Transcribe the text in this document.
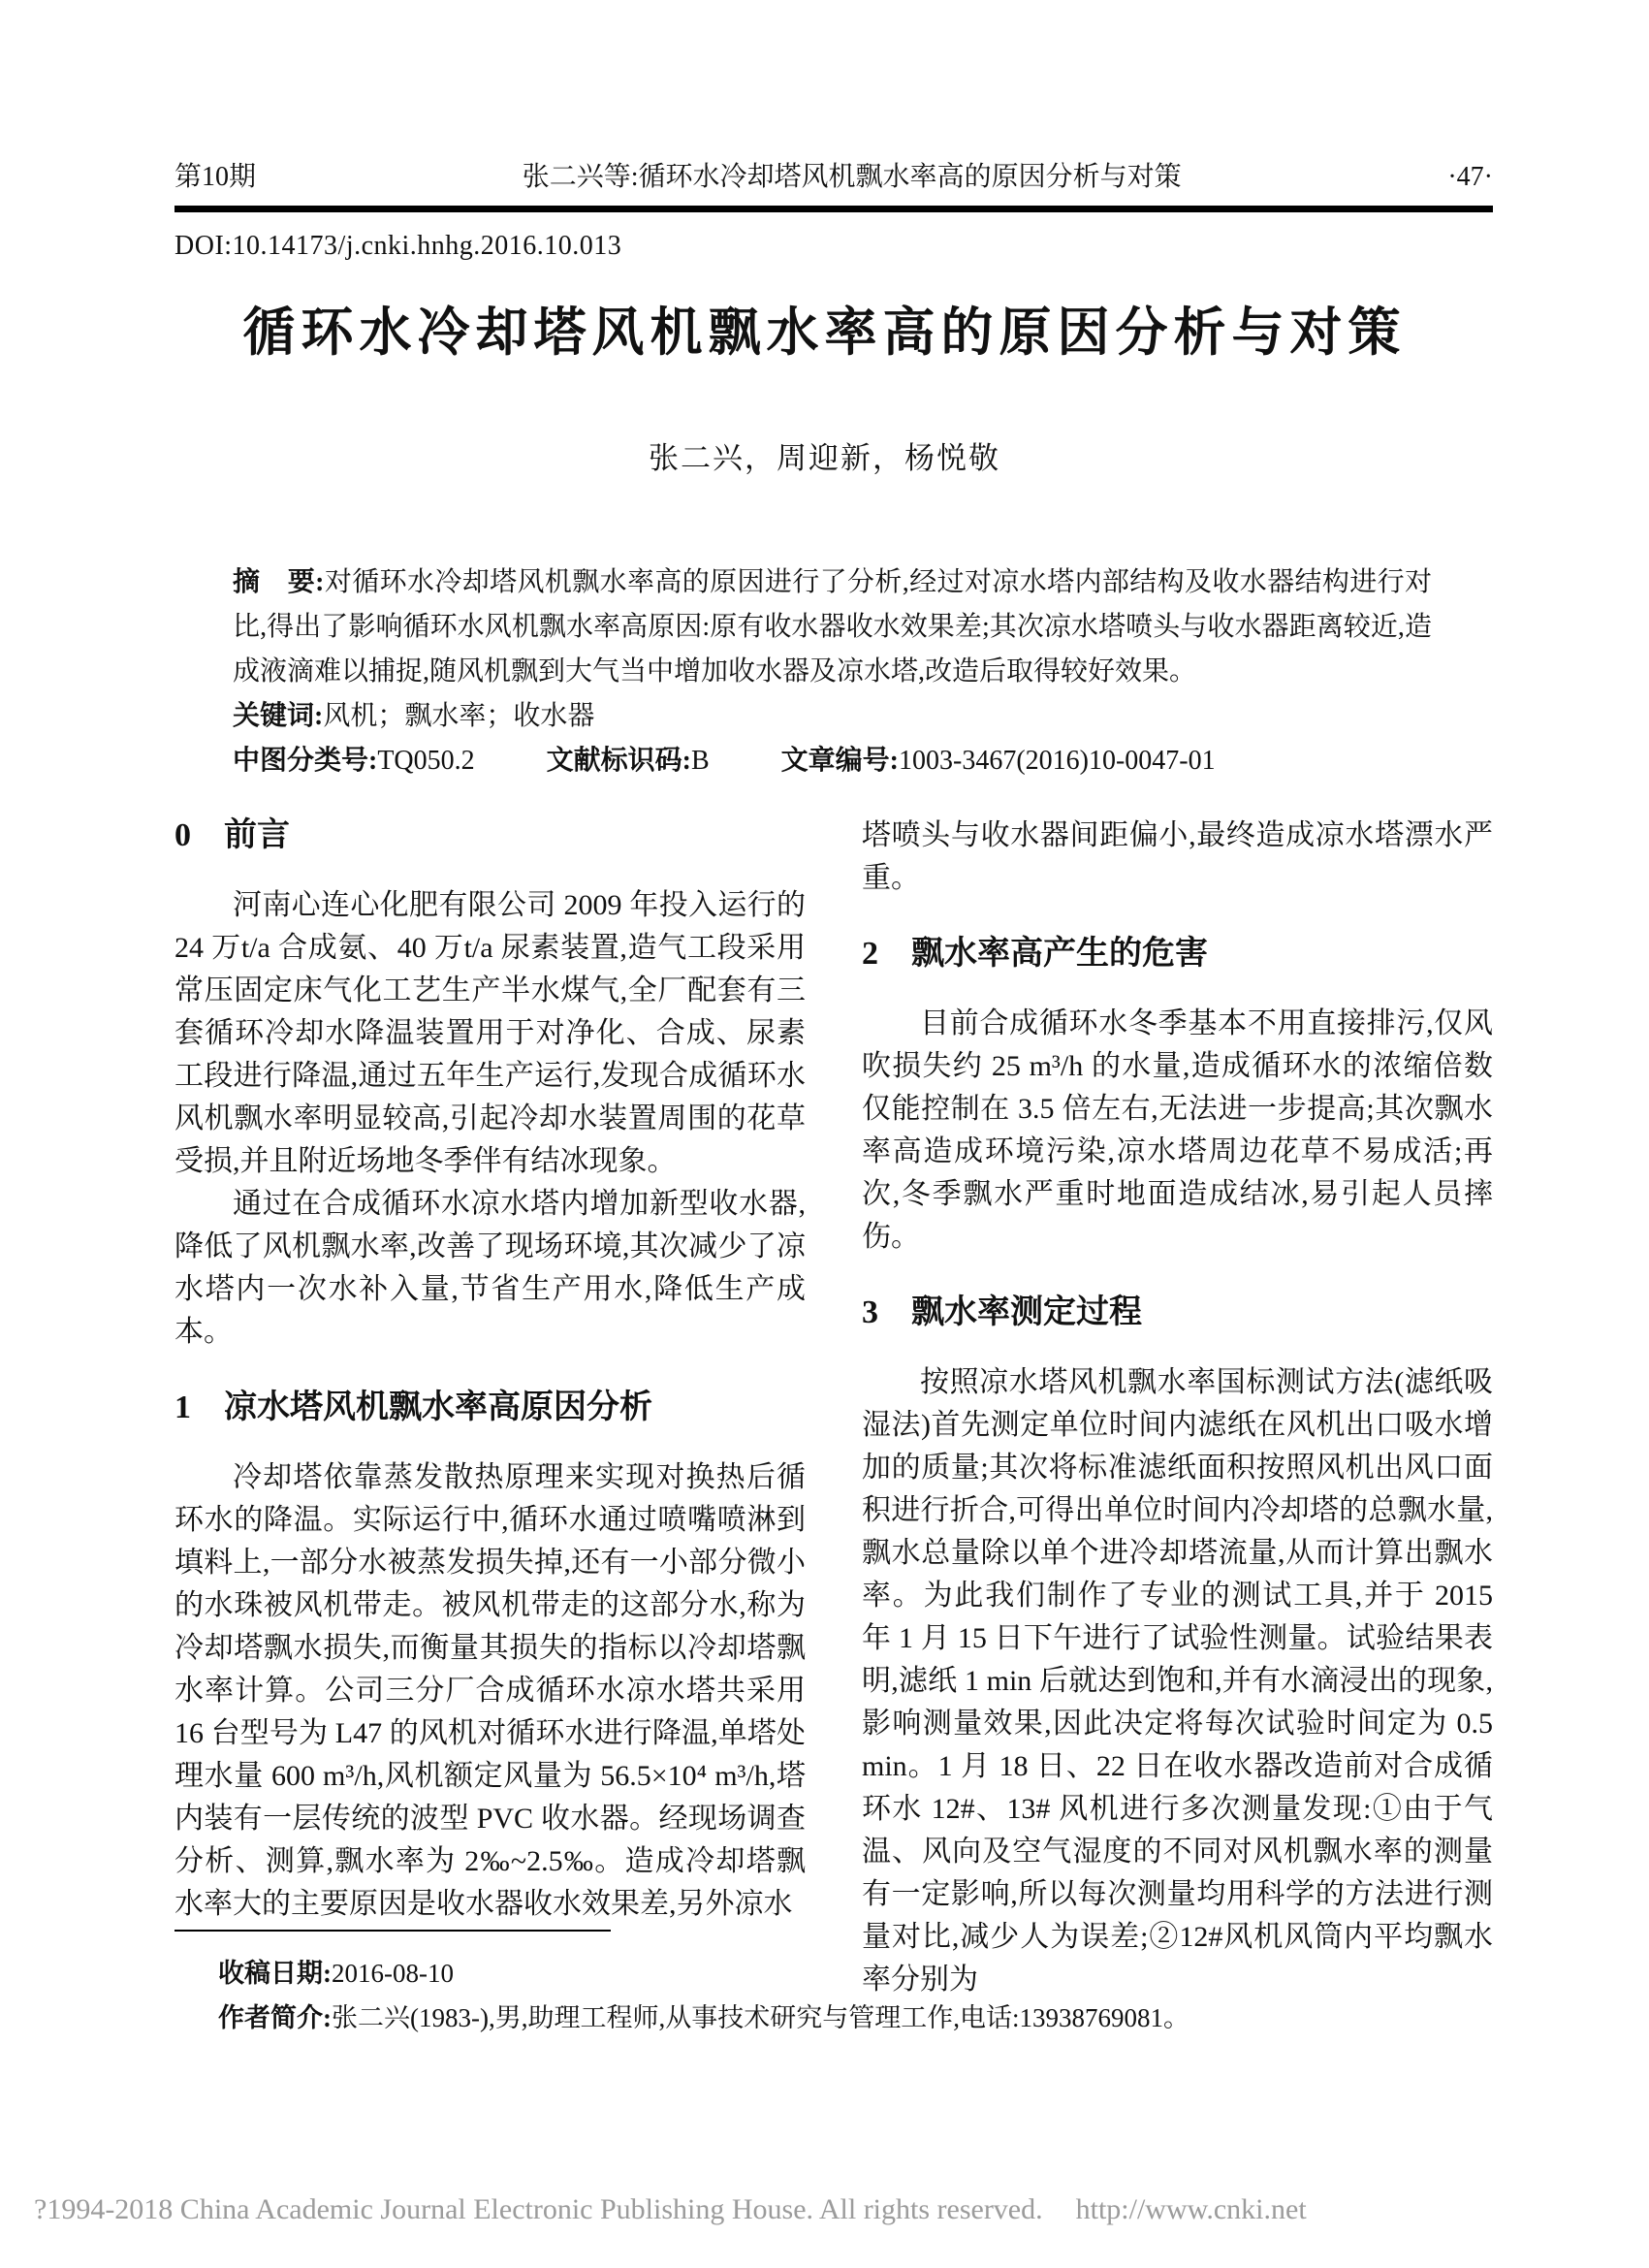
第10期	张二兴等:循环水冷却塔风机飘水率高的原因分析与对策	·47·
DOI:10.14173/j.cnki.hnhg.2016.10.013
循环水冷却塔风机飘水率高的原因分析与对策
张二兴，周迎新，杨悦敬

摘　要:对循环水冷却塔风机飘水率高的原因进行了分析,经过对凉水塔内部结构及收水器结构进行对比,得出了影响循环水风机飘水率高原因:原有收水器收水效果差;其次凉水塔喷头与收水器距离较近,造成液滴难以捕捉,随风机飘到大气当中增加收水器及凉水塔,改造后取得较好效果。

关键词:风机；飘水率；收水器

中图分类号:TQ050.2	文献标识码:B	文章编号:1003-3467(2016)10-0047-01

0 前言

河南心连心化肥有限公司 2009 年投入运行的 24 万t/a 合成氨、40 万t/a 尿素装置,造气工段采用常压固定床气化工艺生产半水煤气,全厂配套有三套循环冷却水降温装置用于对净化、合成、尿素工段进行降温,通过五年生产运行,发现合成循环水风机飘水率明显较高,引起冷却水装置周围的花草受损,并且附近场地冬季伴有结冰现象。

通过在合成循环水凉水塔内增加新型收水器,降低了风机飘水率,改善了现场环境,其次减少了凉水塔内一次水补入量,节省生产用水,降低生产成本。

1 凉水塔风机飘水率高原因分析

冷却塔依靠蒸发散热原理来实现对换热后循环水的降温。实际运行中,循环水通过喷嘴喷淋到填料上,一部分水被蒸发损失掉,还有一小部分微小的水珠被风机带走。被风机带走的这部分水,称为冷却塔飘水损失,而衡量其损失的指标以冷却塔飘水率计算。公司三分厂合成循环水凉水塔共采用 16 台型号为 L47 的风机对循环水进行降温,单塔处理水量 600 m³/h,风机额定风量为 56.5×10⁴ m³/h,塔内装有一层传统的波型 PVC 收水器。经现场调查分析、测算,飘水率为 2‰~2.5‰。造成冷却塔飘水率大的主要原因是收水器收水效果差,另外凉水

塔喷头与收水器间距偏小,最终造成凉水塔漂水严重。

2 飘水率高产生的危害

目前合成循环水冬季基本不用直接排污,仅风吹损失约 25 m³/h 的水量,造成循环水的浓缩倍数仅能控制在 3.5 倍左右,无法进一步提高;其次飘水率高造成环境污染,凉水塔周边花草不易成活;再次,冬季飘水严重时地面造成结冰,易引起人员摔伤。

3 飘水率测定过程

按照凉水塔风机飘水率国标测试方法(滤纸吸湿法)首先测定单位时间内滤纸在风机出口吸水增加的质量;其次将标准滤纸面积按照风机出风口面积进行折合,可得出单位时间内冷却塔的总飘水量,飘水总量除以单个进冷却塔流量,从而计算出飘水率。为此我们制作了专业的测试工具,并于 2015 年 1 月 15 日下午进行了试验性测量。试验结果表明,滤纸 1 min 后就达到饱和,并有水滴浸出的现象,影响测量效果,因此决定将每次试验时间定为 0.5 min。1 月 18 日、22 日在收水器改造前对合成循环水 12#、13# 风机进行多次测量发现:①由于气温、风向及空气湿度的不同对风机飘水率的测量有一定影响,所以每次测量均用科学的方法进行测量对比,减少人为误差;②12#风机风筒内平均飘水率分别为

收稿日期:2016-08-10

作者简介:张二兴(1983-),男,助理工程师,从事技术研究与管理工作,电话:13938769081。

?1994-2018 China Academic Journal Electronic Publishing House. All rights reserved. http://www.cnki.net
